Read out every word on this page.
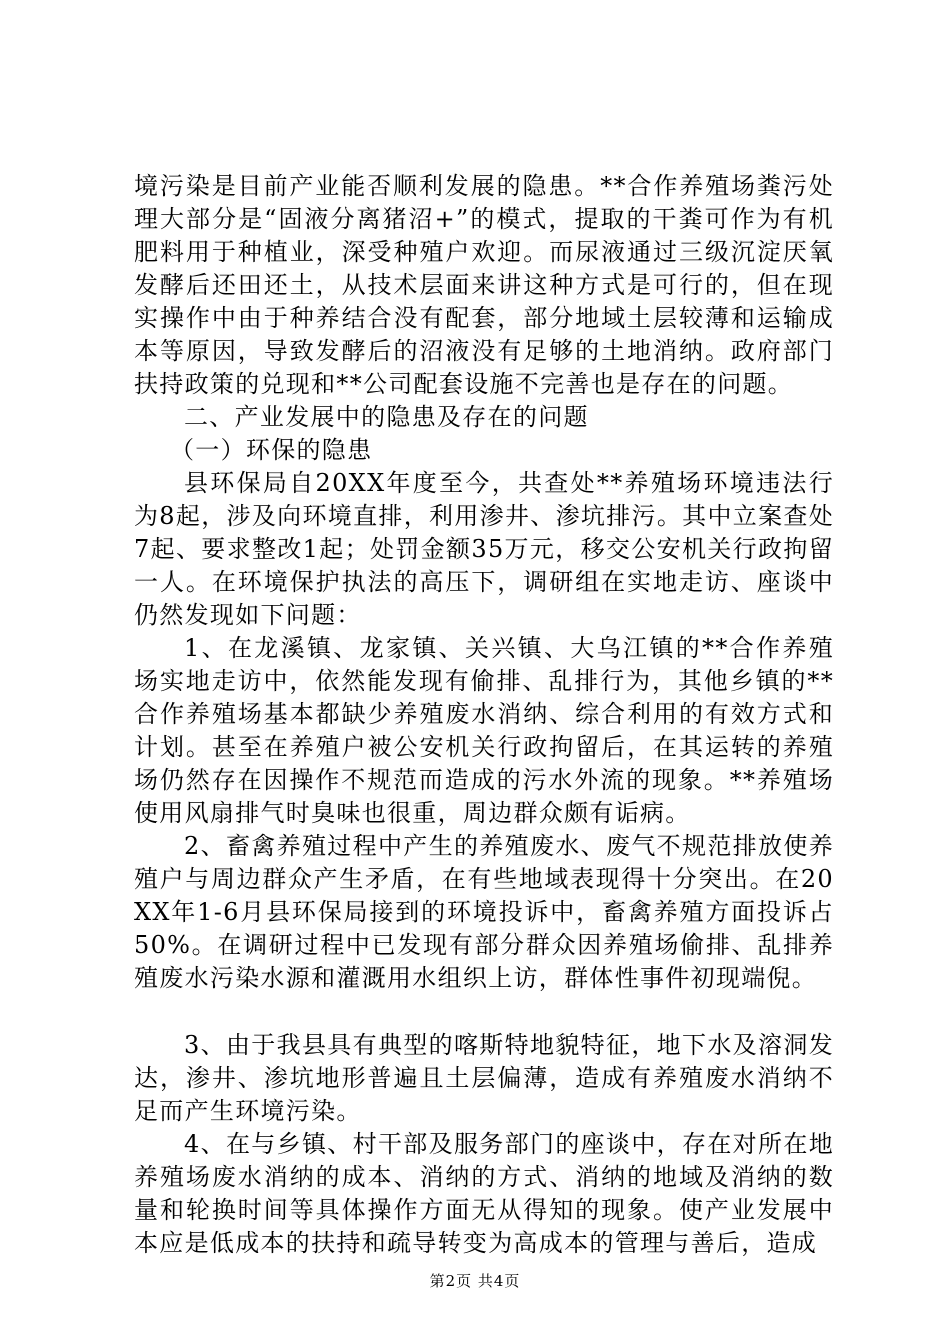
境污染是目前产业能否顺利发展的隐患。**合作养殖场粪污处理大部分是“固液分离猪沼+”的模式，提取的干粪可作为有机肥料用于种植业，深受种殖户欢迎。而尿液通过三级沉淀厌氧发酵后还田还土，从技术层面来讲这种方式是可行的，但在现实操作中由于种养结合没有配套，部分地域土层较薄和运输成本等原因，导致发酵后的沼液没有足够的土地消纳。政府部门扶持政策的兑现和**公司配套设施不完善也是存在的问题。

二、产业发展中的隐患及存在的问题

（一）环保的隐患

县环保局自20XX年度至今，共查处**养殖场环境违法行为8起，涉及向环境直排，利用渗井、渗坑排污。其中立案查处7起、要求整改1起；处罚金额35万元，移交公安机关行政拘留一人。在环境保护执法的高压下，调研组在实地走访、座谈中仍然发现如下问题：

1、在龙溪镇、龙家镇、关兴镇、大乌江镇的**合作养殖场实地走访中，依然能发现有偷排、乱排行为，其他乡镇的**合作养殖场基本都缺少养殖废水消纳、综合利用的有效方式和计划。甚至在养殖户被公安机关行政拘留后，在其运转的养殖场仍然存在因操作不规范而造成的污水外流的现象。**养殖场使用风扇排气时臭味也很重，周边群众颇有诟病。

2、畜禽养殖过程中产生的养殖废水、废气不规范排放使养殖户与周边群众产生矛盾，在有些地域表现得十分突出。在20XX年1-6月县环保局接到的环境投诉中，畜禽养殖方面投诉占50%。在调研过程中已发现有部分群众因养殖场偷排、乱排养殖废水污染水源和灌溉用水组织上访，群体性事件初现端倪。

3、由于我县具有典型的喀斯特地貌特征，地下水及溶洞发达，渗井、渗坑地形普遍且土层偏薄，造成有养殖废水消纳不足而产生环境污染。

4、在与乡镇、村干部及服务部门的座谈中，存在对所在地养殖场废水消纳的成本、消纳的方式、消纳的地域及消纳的数量和轮换时间等具体操作方面无从得知的现象。使产业发展中本应是低成本的扶持和疏导转变为高成本的管理与善后，造成

第2页 共4页
